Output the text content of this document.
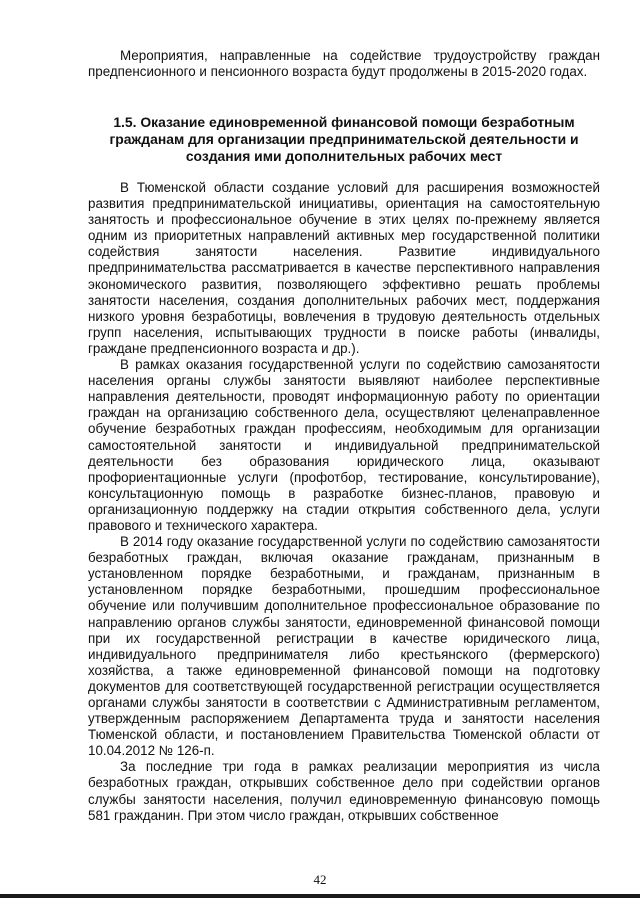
Мероприятия, направленные на содействие трудоустройству граждан предпенсионного и пенсионного возраста будут продолжены в 2015-2020 годах.

1.5. Оказание единовременной финансовой помощи безработным гражданам для организации предпринимательской деятельности и создания ими дополнительных рабочих мест

В Тюменской области создание условий для расширения возможностей развития предпринимательской инициативы, ориентация на самостоятельную занятость и профессиональное обучение в этих целях по-прежнему является одним из приоритетных направлений активных мер государственной политики содействия занятости населения. Развитие индивидуального предпринимательства рассматривается в качестве перспективного направления экономического развития, позволяющего эффективно решать проблемы занятости населения, создания дополнительных рабочих мест, поддержания низкого уровня безработицы, вовлечения в трудовую деятельность отдельных групп населения, испытывающих трудности в поиске работы (инвалиды, граждане предпенсионного возраста и др.).

В рамках оказания государственной услуги по содействию самозанятости населения органы службы занятости выявляют наиболее перспективные направления деятельности, проводят информационную работу по ориентации граждан на организацию собственного дела, осуществляют целенаправленное обучение безработных граждан профессиям, необходимым для организации самостоятельной занятости и индивидуальной предпринимательской деятельности без образования юридического лица, оказывают профориентационные услуги (профотбор, тестирование, консультирование), консультационную помощь в разработке бизнес-планов, правовую и организационную поддержку на стадии открытия собственного дела, услуги правового и технического характера.

В 2014 году оказание государственной услуги по содействию самозанятости безработных граждан, включая оказание гражданам, признанным в установленном порядке безработными, и гражданам, признанным в установленном порядке безработными, прошедшим профессиональное обучение или получившим дополнительное профессиональное образование по направлению органов службы занятости, единовременной финансовой помощи при их государственной регистрации в качестве юридического лица, индивидуального предпринимателя либо крестьянского (фермерского) хозяйства, а также единовременной финансовой помощи на подготовку документов для соответствующей государственной регистрации осуществляется органами службы занятости в соответствии с Административным регламентом, утвержденным распоряжением Департамента труда и занятости населения Тюменской области, и постановлением Правительства Тюменской области от 10.04.2012 № 126-п.

За последние три года в рамках реализации мероприятия из числа безработных граждан, открывших собственное дело при содействии органов службы занятости населения, получил единовременную финансовую помощь 581 гражданин. При этом число граждан, открывших собственное

42
